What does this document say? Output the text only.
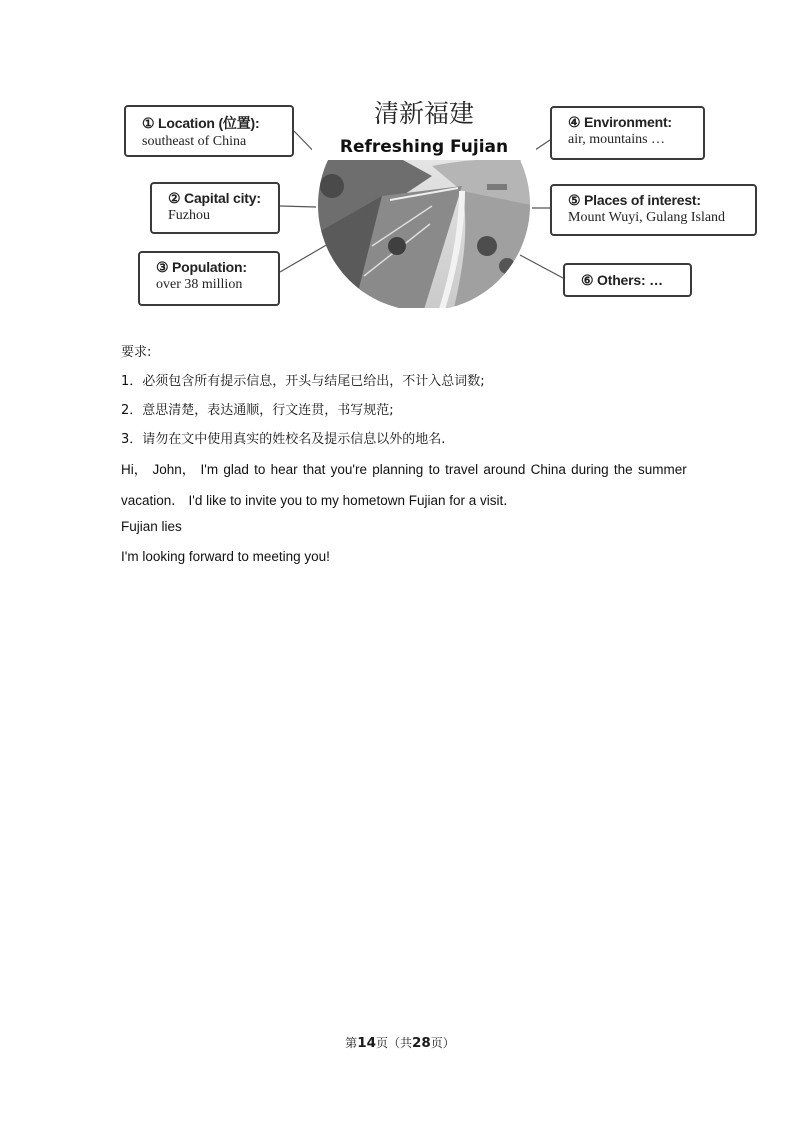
清新福建
Refreshing Fujian
① Location (位置):
southeast of China
② Capital city:
Fuzhou
③ Population:
over 38 million
④ Environment:
air, mountains …
⑤ Places of interest:
Mount Wuyi, Gulang Island
⑥ Others: …
要求:
1．必须包含所有提示信息，开头与结尾已给出，不计入总词数;
2．意思清楚，表达通顺，行文连贯，书写规范;
3．请勿在文中使用真实的姓校名及提示信息以外的地名.
Hi， John， I'm glad to hear that you're planning to travel around China during the summer
vacation． I'd like to invite you to my hometown Fujian for a visit．
Fujian lies
I'm looking forward to meeting you!
第14页（共28页）
